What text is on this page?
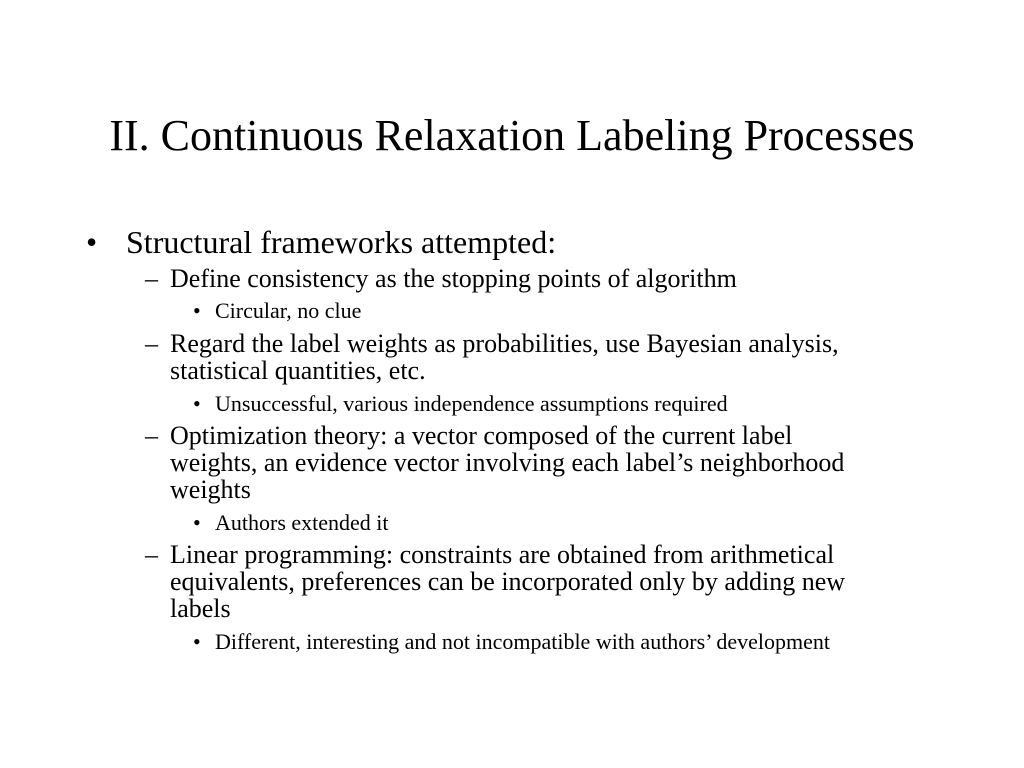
II. Continuous Relaxation Labeling Processes
• Structural frameworks attempted:
– Define consistency as the stopping points of algorithm
• Circular, no clue
– Regard the label weights as probabilities, use Bayesian analysis,
statistical quantities, etc.
• Unsuccessful, various independence assumptions required
– Optimization theory: a vector composed of the current label
weights, an evidence vector involving each label’s neighborhood
weights
• Authors extended it
– Linear programming: constraints are obtained from arithmetical
equivalents, preferences can be incorporated only by adding new
labels
• Different, interesting and not incompatible with authors’ development
